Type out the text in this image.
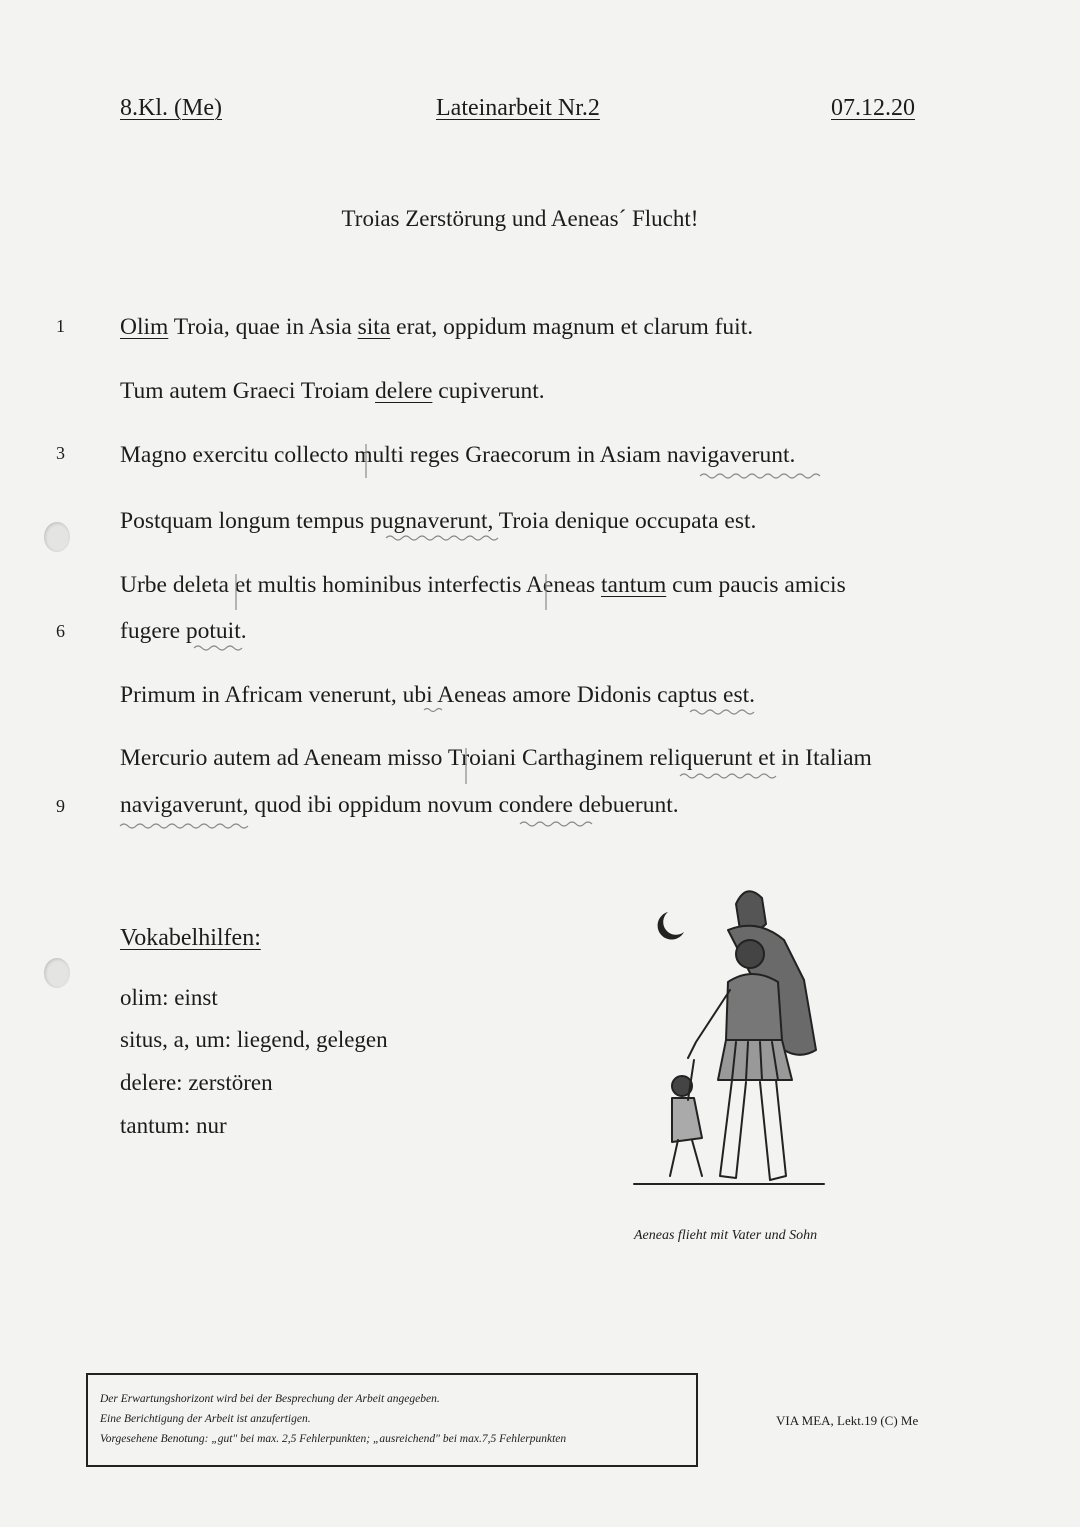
8.Kl. (Me)	Lateinarbeit Nr.2	07.12.20
Troias Zerstörung und Aeneas´ Flucht!
1
3
6
9
Olim Troia, quae in Asia sita erat, oppidum magnum et clarum fuit.
Tum autem Graeci Troiam delere cupiverunt.
Magno exercitu collecto multi reges Graecorum in Asiam navigaverunt.
Postquam longum tempus pugnaverunt, Troia denique occupata est.
Urbe deleta et multis hominibus interfectis Aeneas tantum cum paucis amicis
fugere potuit.
Primum in Africam venerunt, ubi Aeneas amore Didonis captus est.
Mercurio autem ad Aeneam misso Troiani Carthaginem reliquerunt et in Italiam
navigaverunt, quod ibi oppidum novum condere debuerunt.
Vokabelhilfen:
olim: einst
situs, a, um: liegend, gelegen
delere: zerstören
tantum: nur
Aeneas flieht mit Vater und Sohn
Der Erwartungshorizont wird bei der Besprechung der Arbeit angegeben.
Eine Berichtigung der Arbeit ist anzufertigen.
Vorgesehene Benotung: „gut" bei max. 2,5 Fehlerpunkten; „ausreichend" bei max.7,5 Fehlerpunkten
VIA MEA, Lekt.19 (C) Me
